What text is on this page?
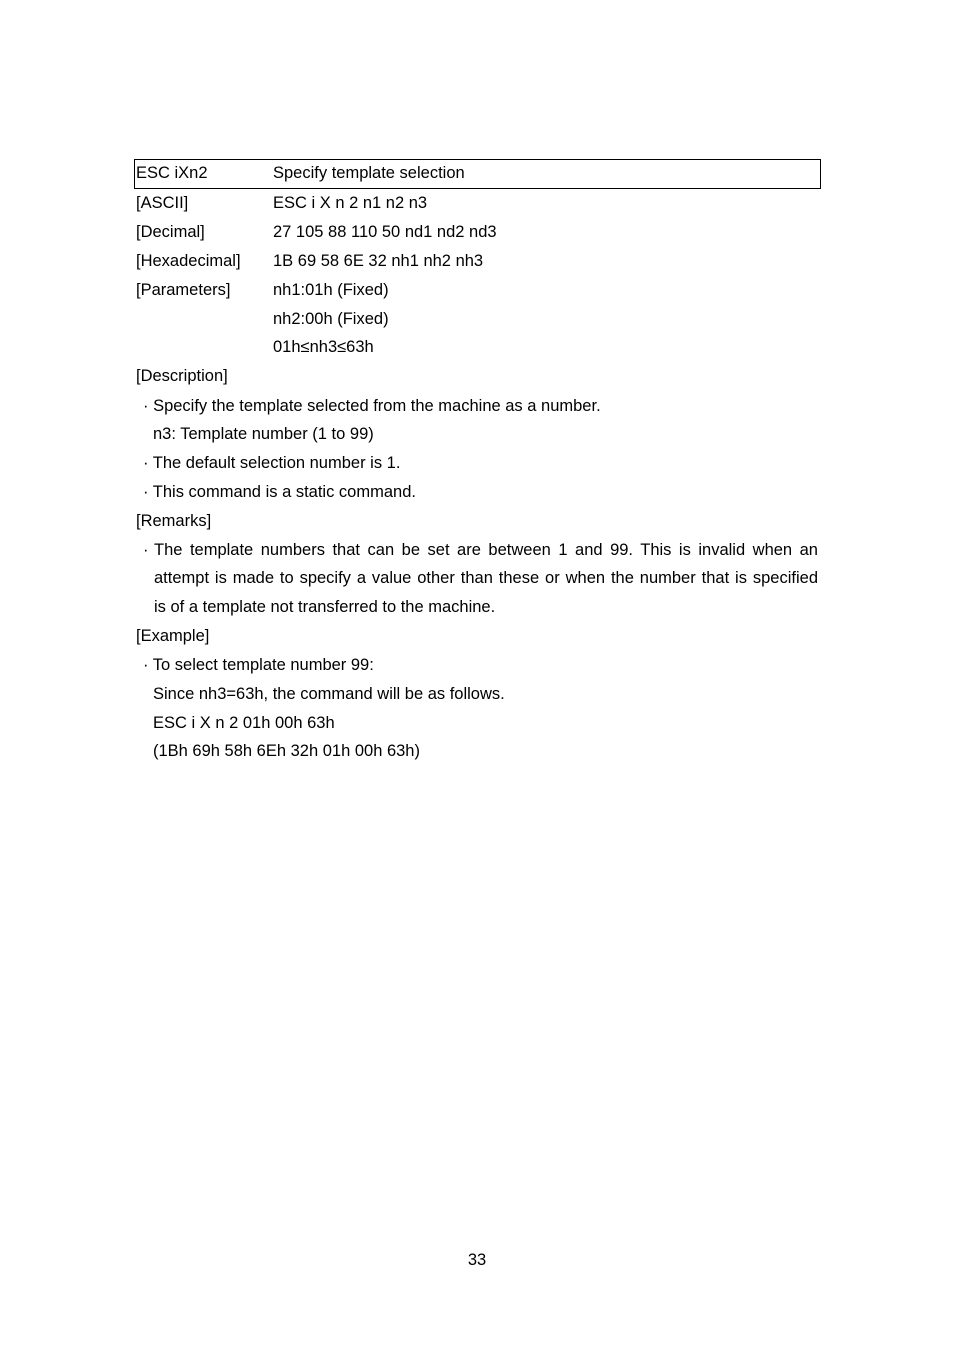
ESC iXn2	Specify template selection
[ASCII]	ESC i X n 2 n1 n2 n3
[Decimal]	27 105 88 110 50 nd1 nd2 nd3
[Hexadecimal] 1B 69 58 6E 32 nh1 nh2 nh3
[Parameters]	nh1:01h (Fixed)
nh2:00h (Fixed)
01h≤nh3≤63h
[Description]
· Specify the template selected from the machine as a number.
n3: Template number (1 to 99)
· The default selection number is 1.
· This command is a static command.
[Remarks]
· The template numbers that can be set are between 1 and 99. This is invalid when an
attempt is made to specify a value other than these or when the number that is specified
is of a template not transferred to the machine.
[Example]
· To select template number 99:
Since nh3=63h, the command will be as follows.
ESC i X n 2 01h 00h 63h
(1Bh 69h 58h 6Eh 32h 01h 00h 63h)
33
